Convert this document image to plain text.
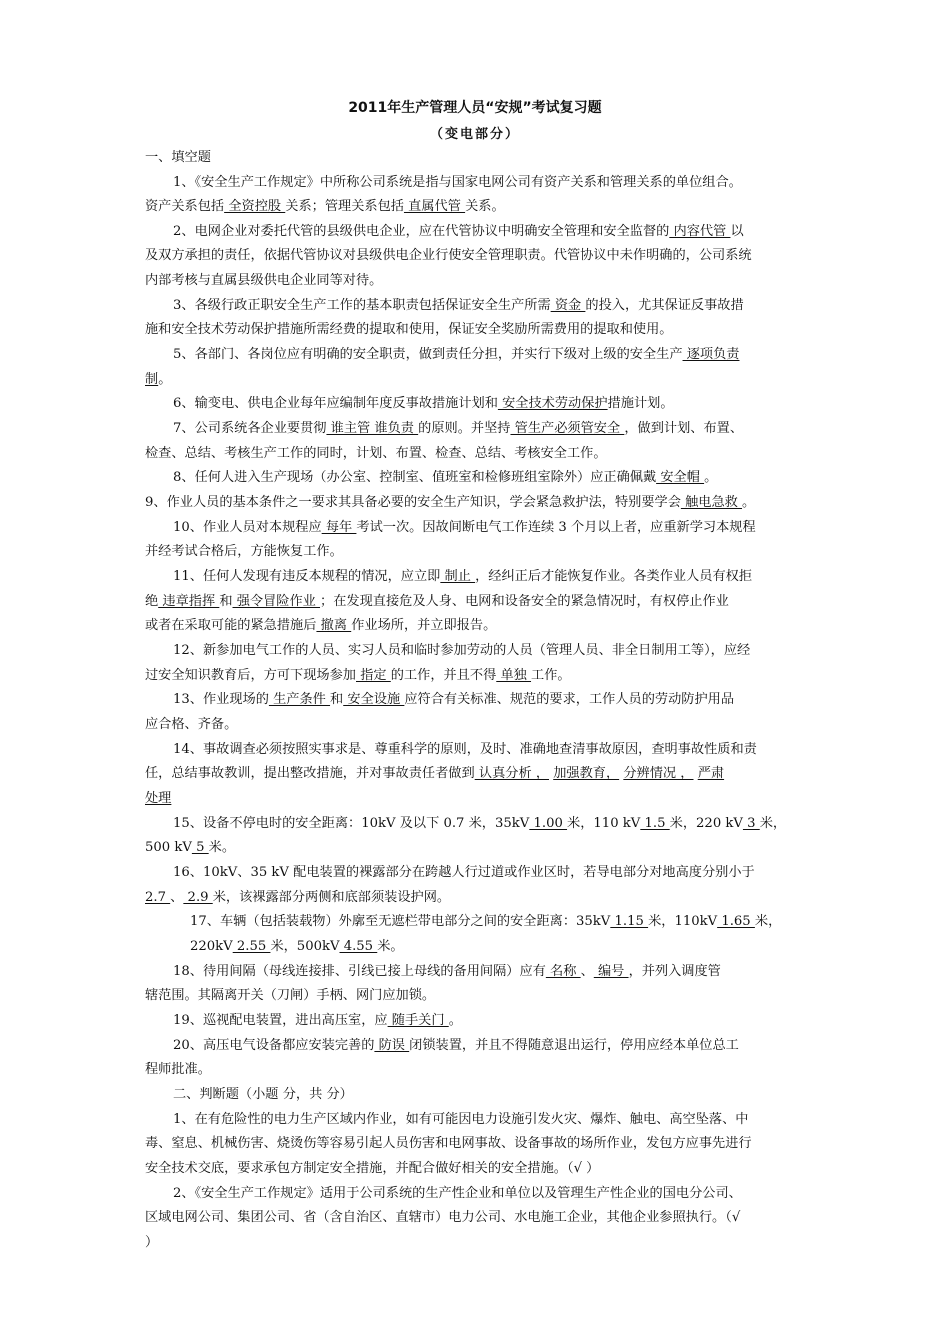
2011年生产管理人员“安规”考试复习题
（变电部分）
一、填空题
1、《安全生产工作规定》中所称公司系统是指与国家电网公司有资产关系和管理关系的单位组合。
资产关系包括 全资控股 关系；管理关系包括 直属代管 关系。
2、电网企业对委托代管的县级供电企业，应在代管协议中明确安全管理和安全监督的 内容代管 以
及双方承担的责任，依据代管协议对县级供电企业行使安全管理职责。代管协议中未作明确的，公司系统
内部考核与直属县级供电企业同等对待。
3、各级行政正职安全生产工作的基本职责包括保证安全生产所需 资金 的投入，尤其保证反事故措
施和安全技术劳动保护措施所需经费的提取和使用，保证安全奖励所需费用的提取和使用。
5、各部门、各岗位应有明确的安全职责，做到责任分担，并实行下级对上级的安全生产 逐项负责
制。
6、输变电、供电企业每年应编制年度反事故措施计划和 安全技术劳动保护措施计划。
7、公司系统各企业要贯彻 谁主管 谁负责 的原则。并坚持 管生产必须管安全 ，做到计划、布置、
检查、总结、考核生产工作的同时，计划、布置、检查、总结、考核安全工作。
8、任何人进入生产现场（办公室、控制室、值班室和检修班组室除外）应正确佩戴 安全帽 。
9、作业人员的基本条件之一要求其具备必要的安全生产知识，学会紧急救护法，特别要学会 触电急救 。
10、作业人员对本规程应 每年 考试一次。因故间断电气工作连续 3 个月以上者，应重新学习本规程
并经考试合格后，方能恢复工作。
11、任何人发现有违反本规程的情况，应立即 制止 ，经纠正后才能恢复作业。各类作业人员有权拒
绝 违章指挥 和 强令冒险作业 ；在发现直接危及人身、电网和设备安全的紧急情况时，有权停止作业
或者在采取可能的紧急措施后 撤离 作业场所，并立即报告。
12、新参加电气工作的人员、实习人员和临时参加劳动的人员（管理人员、非全日制用工等），应经
过安全知识教育后，方可下现场参加 指定 的工作，并且不得 单独 工作。
13、作业现场的 生产条件 和 安全设施 应符合有关标准、规范的要求，工作人员的劳动防护用品
应合格、齐备。
14、事故调查必须按照实事求是、尊重科学的原则，及时、准确地查清事故原因，查明事故性质和责
任，总结事故教训，提出整改措施，并对事故责任者做到 认真分析 ， 加强教育， 分辨情况 ， 严肃
处理
15、设备不停电时的安全距离：10kV 及以下 0.7 米，35kV 1.00 米，110 kV 1.5 米，220 kV 3 米，
500 kV 5 米。
16、10kV、35 kV 配电装置的裸露部分在跨越人行过道或作业区时，若导电部分对地高度分别小于
2.7 、 2.9 米，该裸露部分两侧和底部须装设护网。
17、车辆（包括装载物）外廓至无遮栏带电部分之间的安全距离：35kV 1.15 米，110kV 1.65 米，
220kV 2.55 米，500kV 4.55 米。
18、待用间隔（母线连接排、引线已接上母线的备用间隔）应有 名称 、 编号 ，并列入调度管
辖范围。其隔离开关（刀闸）手柄、网门应加锁。
19、巡视配电装置，进出高压室，应 随手关门 。
20、高压电气设备都应安装完善的 防误 闭锁装置，并且不得随意退出运行，停用应经本单位总工
程师批准。
二、判断题（小题 分，共 分）
1、在有危险性的电力生产区域内作业，如有可能因电力设施引发火灾、爆炸、触电、高空坠落、中
毒、窒息、机械伤害、烧烫伤等容易引起人员伤害和电网事故、设备事故的场所作业，发包方应事先进行
安全技术交底，要求承包方制定安全措施，并配合做好相关的安全措施。（√ ）
2、《安全生产工作规定》适用于公司系统的生产性企业和单位以及管理生产性企业的国电分公司、
区域电网公司、集团公司、省（含自治区、直辖市）电力公司、水电施工企业，其他企业参照执行。（√
）
